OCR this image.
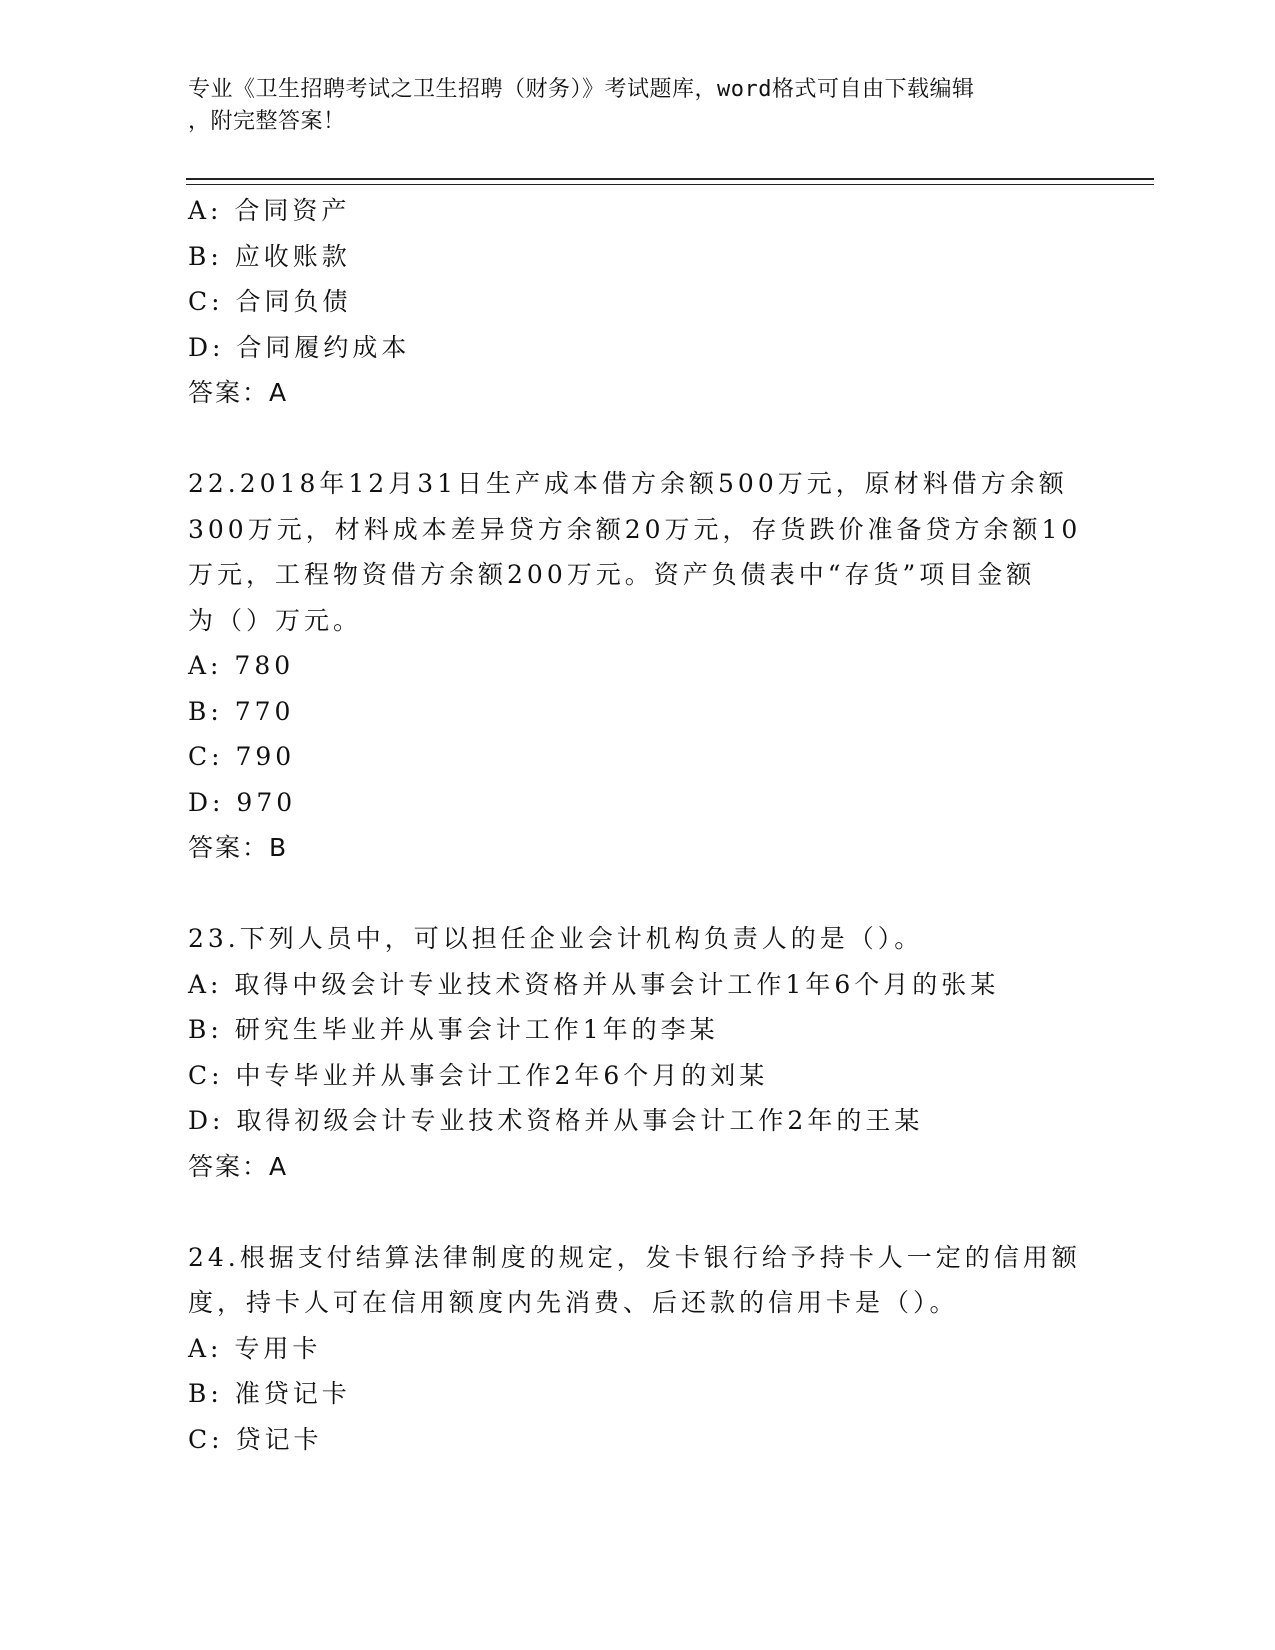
专业《卫生招聘考试之卫生招聘（财务）》考试题库，word格式可自由下载编辑
，附完整答案！
A: 合同资产
B: 应收账款
C: 合同负债
D: 合同履约成本
答案：A
22.2018年12月31日生产成本借方余额500万元，原材料借方余额
300万元，材料成本差异贷方余额20万元，存货跌价准备贷方余额10
万元，工程物资借方余额200万元。资产负债表中“存货”项目金额
为（）万元。
A: 780
B: 770
C: 790
D: 970
答案：B
23.下列人员中，可以担任企业会计机构负责人的是（）。
A: 取得中级会计专业技术资格并从事会计工作1年6个月的张某
B: 研究生毕业并从事会计工作1年的李某
C: 中专毕业并从事会计工作2年6个月的刘某
D: 取得初级会计专业技术资格并从事会计工作2年的王某
答案：A
24.根据支付结算法律制度的规定，发卡银行给予持卡人一定的信用额
度，持卡人可在信用额度内先消费、后还款的信用卡是（）。
A: 专用卡
B: 准贷记卡
C: 贷记卡
